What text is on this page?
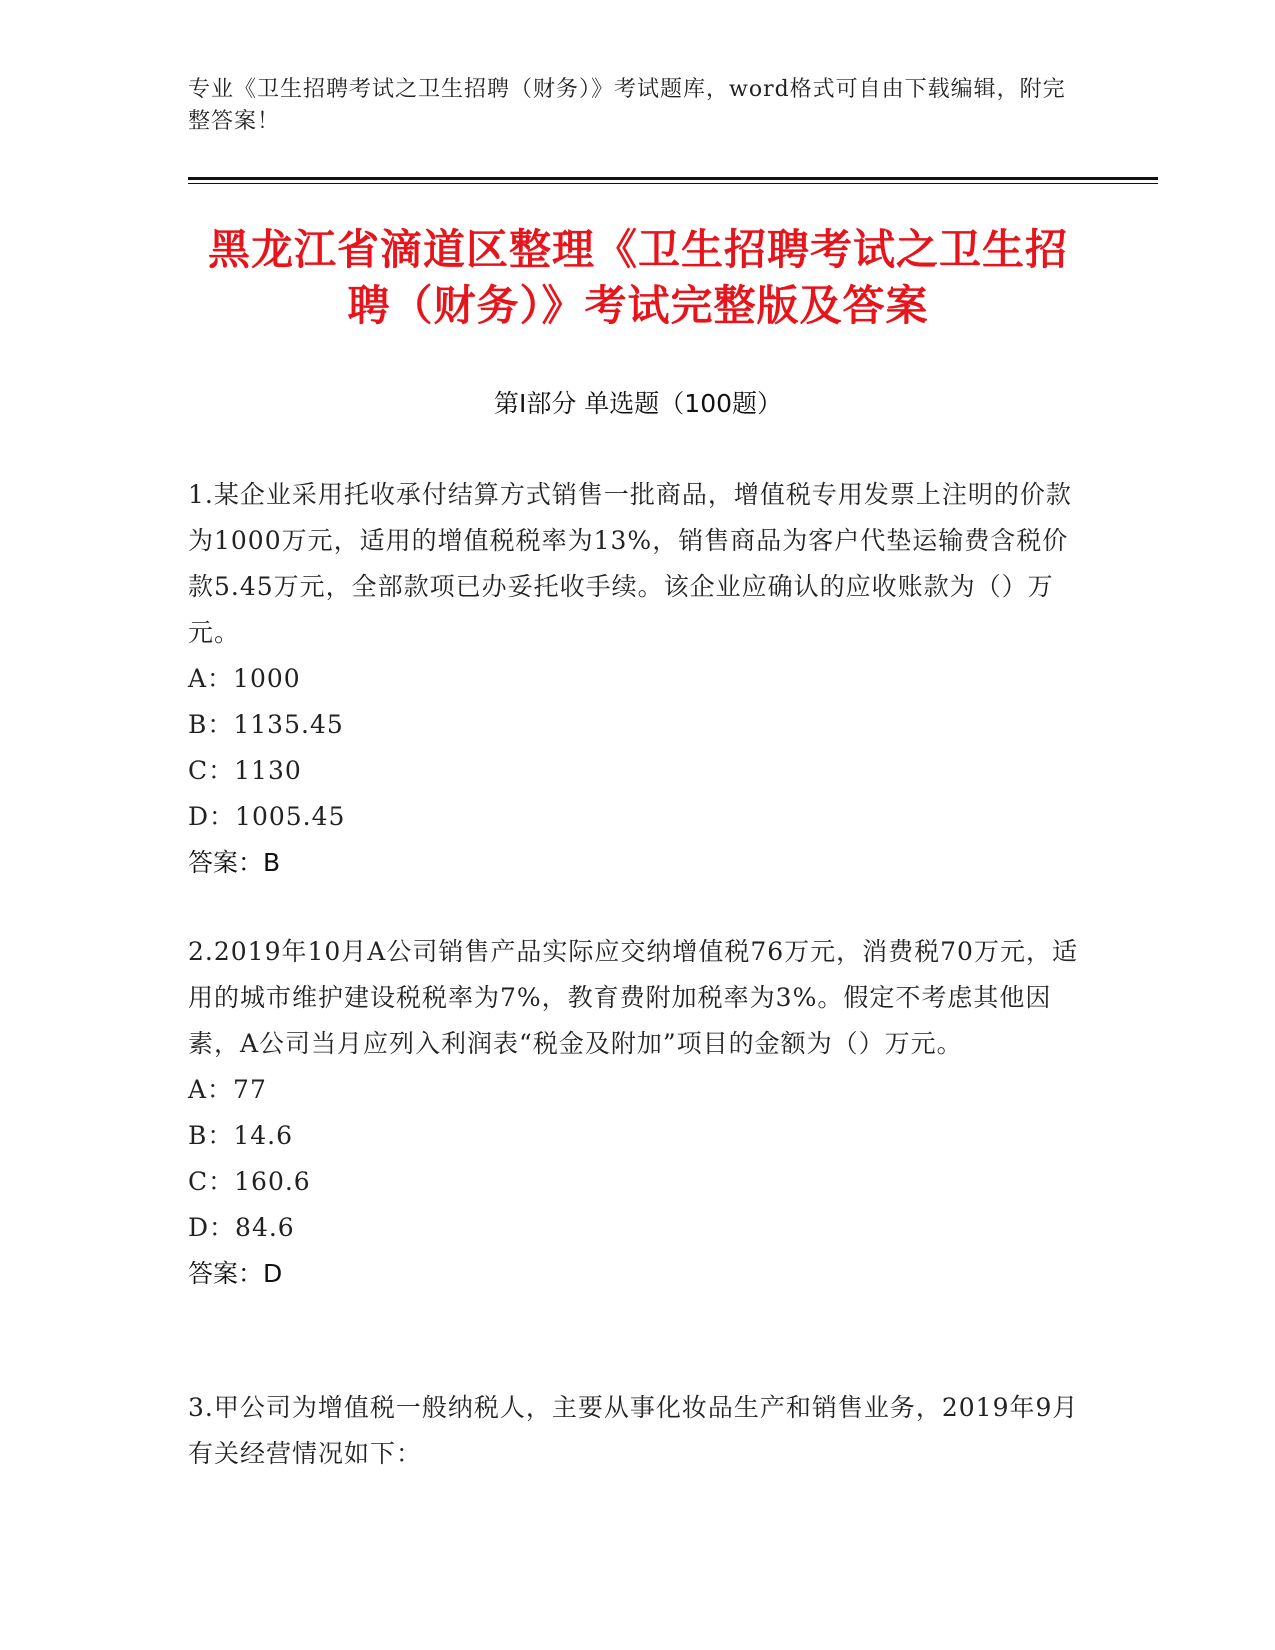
专业《卫生招聘考试之卫生招聘（财务）》考试题库，word格式可自由下载编辑，附完整答案！
黑龙江省滴道区整理《卫生招聘考试之卫生招聘（财务）》考试完整版及答案
第Ⅰ部分 单选题（100题）

1.某企业采用托收承付结算方式销售一批商品，增值税专用发票上注明的价款为1000万元，适用的增值税税率为13%，销售商品为客户代垫运输费含税价款5.45万元，全部款项已办妥托收手续。该企业应确认的应收账款为（）万元。

A：1000

B：1135.45

C：1130

D：1005.45

答案：B

2.2019年10月A公司销售产品实际应交纳增值税76万元，消费税70万元，适用的城市维护建设税税率为7%，教育费附加税率为3%。假定不考虑其他因素，A公司当月应列入利润表“税金及附加”项目的金额为（）万元。

A：77

B：14.6

C：160.6

D：84.6

答案：D

3.甲公司为增值税一般纳税人，主要从事化妆品生产和销售业务，2019年9月有关经营情况如下：
